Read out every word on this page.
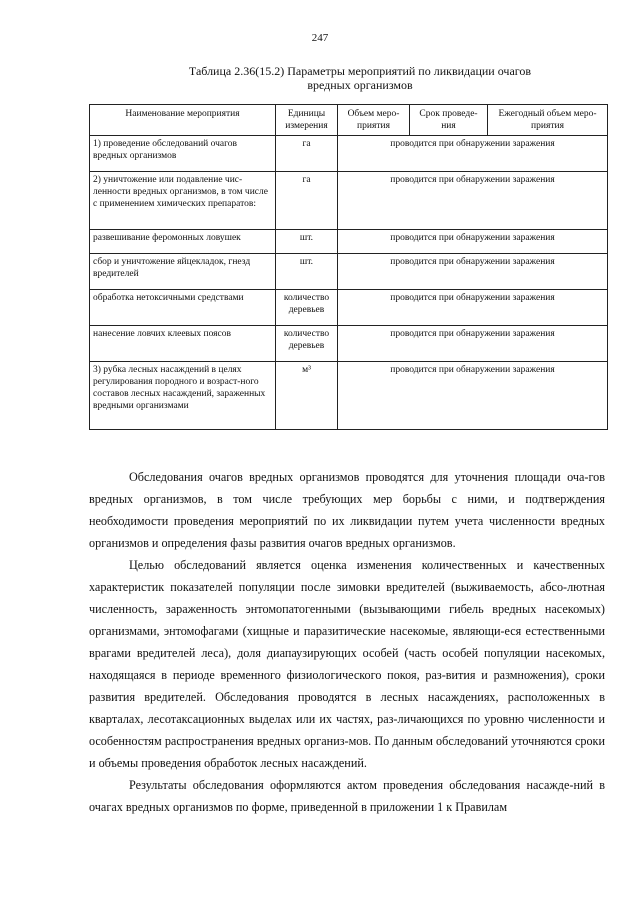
247
Таблица 2.36(15.2) Параметры мероприятий по ликвидации очагов
вредных организмов
Наименование мероприятия	Единицы измерения	Объем меро-приятия	Срок проведе-ния	Ежегодный объем меро-приятия
1) проведение обследований очагов вредных организмов	га	проводится при обнаружении заражения		
2) уничтожение или подавление чис-ленности вредных организмов, в том числе с применением химических препаратов:	га	проводится при обнаружении заражения		
развешивание феромонных ловушек	шт.	проводится при обнаружении заражения		
сбор и уничтожение яйцекладок, гнезд вредителей	шт.	проводится при обнаружении заражения		
обработка нетоксичными средствами	количество деревьев	проводится при обнаружении заражения		
нанесение ловчих клеевых поясов	количество деревьев	проводится при обнаружении заражения		
3) рубка лесных насаждений в целях регулирования породного и возраст-ного составов лесных насаждений, зараженных вредными организмами	м³	проводится при обнаружении заражения		

Обследования очагов вредных организмов проводятся для уточнения площади оча-гов вредных организмов, в том числе требующих мер борьбы с ними, и подтверждения необходимости проведения мероприятий по их ликвидации путем учета численности вредных организмов и определения фазы развития очагов вредных организмов.

Целью обследований является оценка изменения количественных и качественных характеристик показателей популяции после зимовки вредителей (выживаемость, абсо-лютная численность, зараженность энтомопатогенными (вызывающими гибель вредных насекомых) организмами, энтомофагами (хищные и паразитические насекомые, являющи-еся естественными врагами вредителей леса), доля диапаузирующих особей (часть особей популяции насекомых, находящаяся в периоде временного физиологического покоя, раз-вития и размножения), сроки развития вредителей. Обследования проводятся в лесных насаждениях, расположенных в кварталах, лесотаксационных выделах или их частях, раз-личающихся по уровню численности и особенностям распространения вредных организ-мов. По данным обследований уточняются сроки и объемы проведения обработок лесных насаждений.

Результаты обследования оформляются актом проведения обследования насажде-ний в очагах вредных организмов по форме, приведенной в приложении 1 к Правилам
